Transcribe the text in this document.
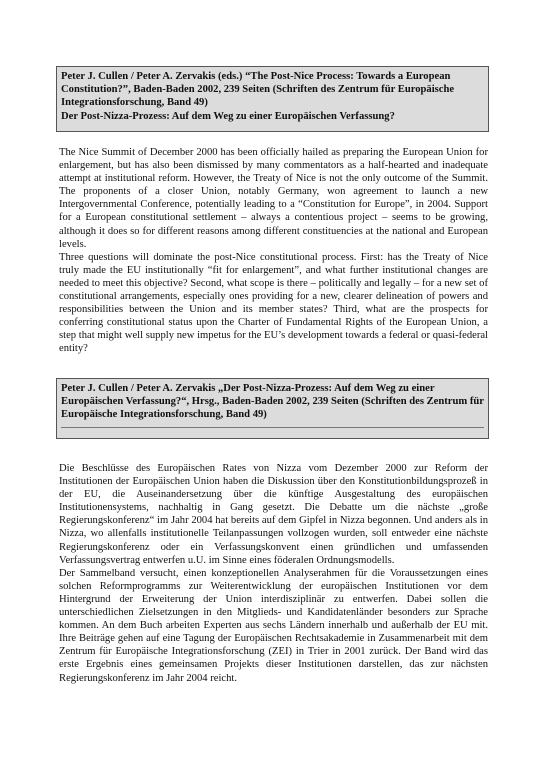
Peter J. Cullen / Peter A. Zervakis (eds.) “The Post-Nice Process: Towards a European Constitution?”, Baden-Baden 2002, 239 Seiten (Schriften des Zentrum für Europäische Integrationsforschung, Band 49)

Der Post-Nizza-Prozess: Auf dem Weg zu einer Europäischen Verfassung?

The Nice Summit of December 2000 has been officially hailed as preparing the European Union for enlargement, but has also been dismissed by many commentators as a half-hearted and inadequate attempt at institutional reform. However, the Treaty of Nice is not the only outcome of the Summit. The proponents of a closer Union, notably Germany, won agreement to launch a new Intergovernmental Conference, potentially leading to a “Constitution for Europe”, in 2004. Support for a European constitutional settlement – always a contentious project – seems to be growing, although it does so for different reasons among different constituencies at the national and European levels.

Three questions will dominate the post-Nice constitutional process. First: has the Treaty of Nice truly made the EU institutionally “fit for enlargement”, and what further institutional changes are needed to meet this objective? Second, what scope is there – politically and legally – for a new set of constitutional arrangements, especially ones providing for a new, clearer delineation of powers and responsibilities between the Union and its member states? Third, what are the prospects for conferring constitutional status upon the Charter of Fundamental Rights of the European Union, a step that might well supply new impetus for the EU’s development towards a federal or quasi-federal entity?

Peter J. Cullen / Peter A. Zervakis „Der Post-Nizza-Prozess: Auf dem Weg zu einer Europäischen Verfassung?“, Hrsg., Baden-Baden 2002, 239 Seiten (Schriften des Zentrum für Europäische Integrationsforschung, Band 49)

Die Beschlüsse des Europäischen Rates von Nizza vom Dezember 2000 zur Reform der Institutionen der Europäischen Union haben die Diskussion über den Konstitutionbildungsprozeß in der EU, die Auseinandersetzung über die künftige Ausgestaltung des europäischen Institutionensystems, nachhaltig in Gang gesetzt. Die Debatte um die nächste „große Regierungskonferenz“ im Jahr 2004 hat bereits auf dem Gipfel in Nizza begonnen. Und anders als in Nizza, wo allenfalls institutionelle Teilanpassungen vollzogen wurden, soll entweder eine nächste Regierungskonferenz oder ein Verfassungskonvent einen gründlichen und umfassenden Verfassungsvertrag entwerfen u.U. im Sinne eines föderalen Ordnungsmodells.

Der Sammelband versucht, einen konzeptionellen Analyserahmen für die Voraussetzungen eines solchen Reformprogramms zur Weiterentwicklung der europäischen Institutionen vor dem Hintergrund der Erweiterung der Union interdisziplinär zu entwerfen. Dabei sollen die unterschiedlichen Zielsetzungen in den Mitglieds- und Kandidatenländer besonders zur Sprache kommen. An dem Buch arbeiten Experten aus sechs Ländern innerhalb und außerhalb der EU mit. Ihre Beiträge gehen auf eine Tagung der Europäischen Rechtsakademie in Zusammenarbeit mit dem Zentrum für Europäische Integrationsforschung (ZEI) in Trier in 2001 zurück. Der Band wird das erste Ergebnis eines gemeinsamen Projekts dieser Institutionen darstellen, das zur nächsten Regierungskonferenz im Jahr 2004 reicht.
